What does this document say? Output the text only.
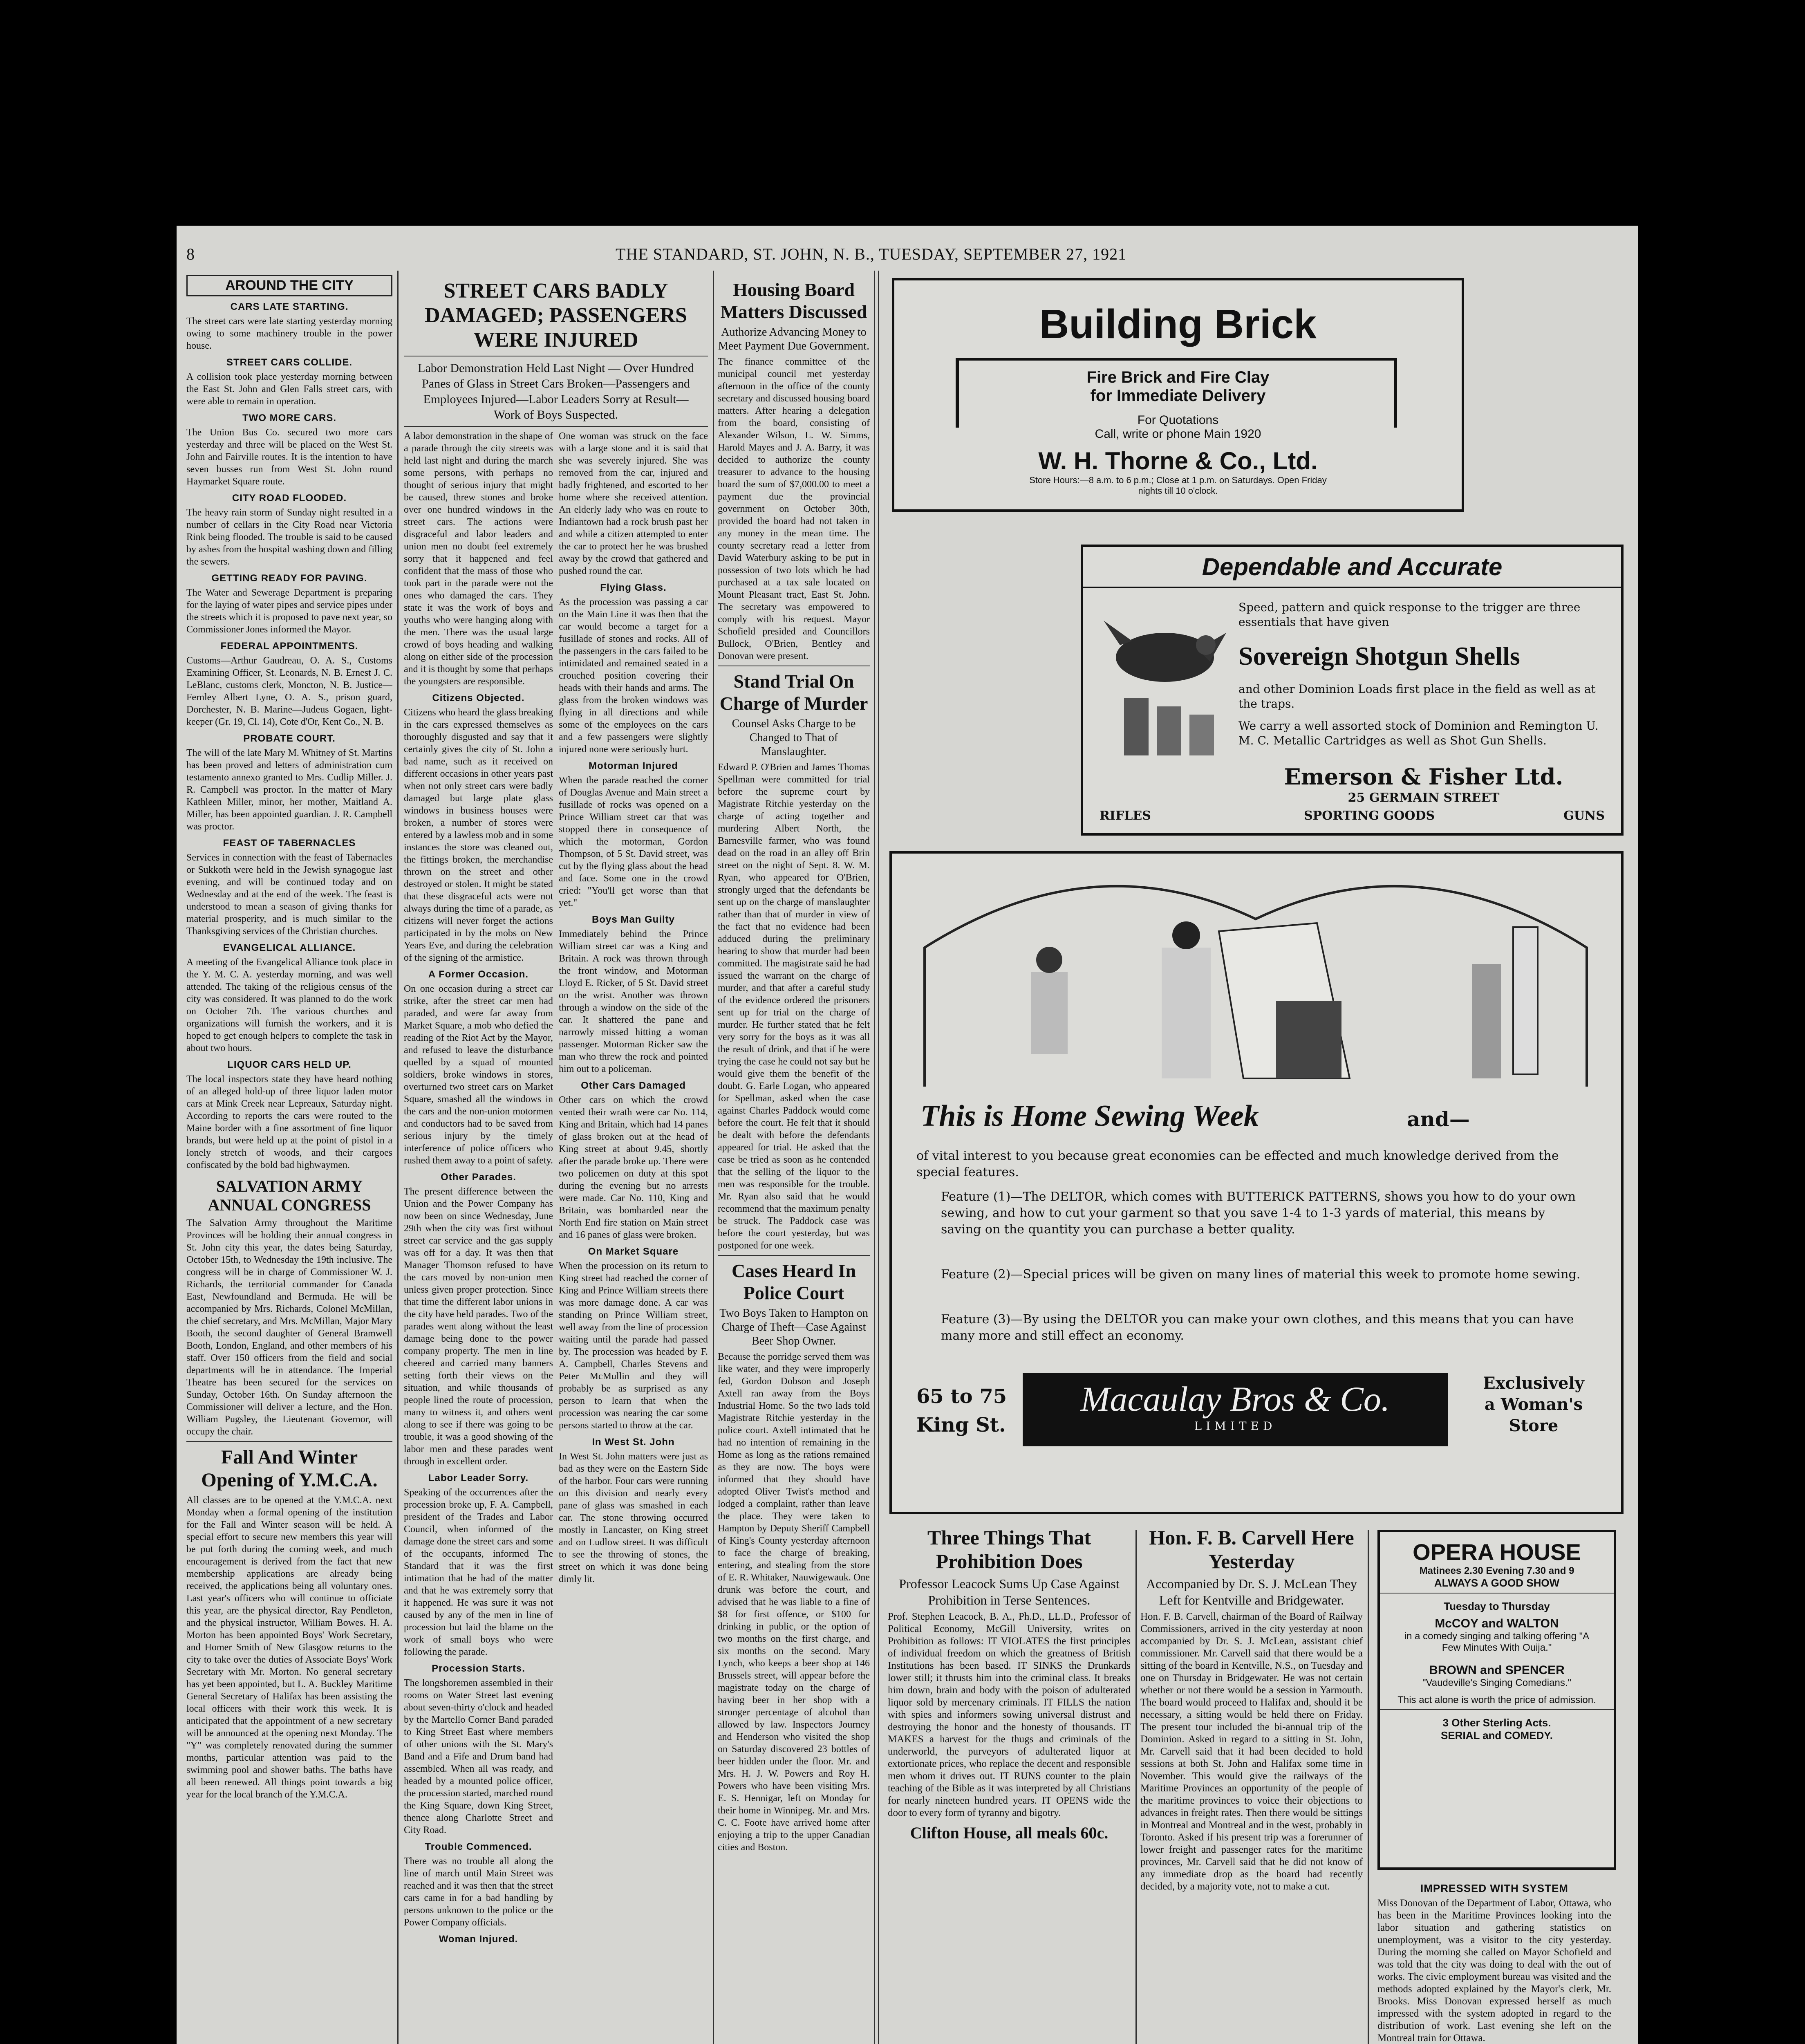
8	THE STANDARD, ST. JOHN, N. B., TUESDAY, SEPTEMBER 27, 1921
AROUND THE CITY
CARS LATE STARTING.

The street cars were late starting yesterday morning owing to some machinery trouble in the power house.

STREET CARS COLLIDE.

A collision took place yesterday morning between the East St. John and Glen Falls street cars, with were able to remain in operation.

TWO MORE CARS.

The Union Bus Co. secured two more cars yesterday and three will be placed on the West St. John and Fairville routes. It is the intention to have seven busses run from West St. John round Haymarket Square route.

CITY ROAD FLOODED.

The heavy rain storm of Sunday night resulted in a number of cellars in the City Road near Victoria Rink being flooded. The trouble is said to be caused by ashes from the hospital washing down and filling the sewers.

GETTING READY FOR PAVING.

The Water and Sewerage Department is preparing for the laying of water pipes and service pipes under the streets which it is proposed to pave next year, so Commissioner Jones informed the Mayor.

FEDERAL APPOINTMENTS.

Customs—Arthur Gaudreau, O. A. S., Customs Examining Officer, St. Leonards, N. B. Ernest J. C. LeBlanc, customs clerk, Moncton, N. B. Justice—Fernley Albert Lyne, O. A. S., prison guard, Dorchester, N. B. Marine—Judeus Gogaen, light-keeper (Gr. 19, Cl. 14), Cote d'Or, Kent Co., N. B.

PROBATE COURT.

The will of the late Mary M. Whitney of St. Martins has been proved and letters of administration cum testamento annexo granted to Mrs. Cudlip Miller. J. R. Campbell was proctor. In the matter of Mary Kathleen Miller, minor, her mother, Maitland A. Miller, has been appointed guardian. J. R. Campbell was proctor.

FEAST OF TABERNACLES

Services in connection with the feast of Tabernacles or Sukkoth were held in the Jewish synagogue last evening, and will be continued today and on Wednesday and at the end of the week. The feast is understood to mean a season of giving thanks for material prosperity, and is much similar to the Thanksgiving services of the Christian churches.

EVANGELICAL ALLIANCE.

A meeting of the Evangelical Alliance took place in the Y. M. C. A. yesterday morning, and was well attended. The taking of the religious census of the city was considered. It was planned to do the work on October 7th. The various churches and organizations will furnish the workers, and it is hoped to get enough helpers to complete the task in about two hours.

LIQUOR CARS HELD UP.

The local inspectors state they have heard nothing of an alleged hold-up of three liquor laden motor cars at Mink Creek near Lepreaux, Saturday night. According to reports the cars were routed to the Maine border with a fine assortment of fine liquor brands, but were held up at the point of pistol in a lonely stretch of woods, and their cargoes confiscated by the bold bad highwaymen.

SALVATION ARMY ANNUAL CONGRESS

The Salvation Army throughout the Maritime Provinces will be holding their annual congress in St. John city this year, the dates being Saturday, October 15th, to Wednesday the 19th inclusive. The congress will be in charge of Commissioner W. J. Richards, the territorial commander for Canada East, Newfoundland and Bermuda. He will be accompanied by Mrs. Richards, Colonel McMillan, the chief secretary, and Mrs. McMillan, Major Mary Booth, the second daughter of General Bramwell Booth, London, England, and other members of his staff. Over 150 officers from the field and social departments will be in attendance. The Imperial Theatre has been secured for the services on Sunday, October 16th. On Sunday afternoon the Commissioner will deliver a lecture, and the Hon. William Pugsley, the Lieutenant Governor, will occupy the chair.

Fall And Winter Opening of Y.M.C.A.

All classes are to be opened at the Y.M.C.A. next Monday when a formal opening of the institution for the Fall and Winter season will be held. A special effort to secure new members this year will be put forth during the coming week, and much encouragement is derived from the fact that new membership applications are already being received, the applications being all voluntary ones. Last year's officers who will continue to officiate this year, are the physical director, Ray Pendleton, and the physical instructor, William Bowes. H. A. Morton has been appointed Boys' Work Secretary, and Homer Smith of New Glasgow returns to the city to take over the duties of Associate Boys' Work Secretary with Mr. Morton. No general secretary has yet been appointed, but L. A. Buckley Maritime General Secretary of Halifax has been assisting the local officers with their work this week. It is anticipated that the appointment of a new secretary will be announced at the opening next Monday. The "Y" was completely renovated during the summer months, particular attention was paid to the swimming pool and shower baths. The baths have all been renewed. All things point towards a big year for the local branch of the Y.M.C.A.

STREET CARS BADLY DAMAGED; PASSENGERS WERE INJURED
Labor Demonstration Held Last Night — Over Hundred Panes of Glass in Street Cars Broken—Passengers and Employees Injured—Labor Leaders Sorry at Result—Work of Boys Suspected.

A labor demonstration in the shape of a parade through the city streets was held last night and during the march some persons, with perhaps no thought of serious injury that might be caused, threw stones and broke over one hundred windows in the street cars. The actions were disgraceful and labor leaders and union men no doubt feel extremely sorry that it happened and feel confident that the mass of those who took part in the parade were not the ones who damaged the cars. They state it was the work of boys and youths who were hanging along with the men. There was the usual large crowd of boys heading and walking along on either side of the procession and it is thought by some that perhaps the youngsters are responsible.

Citizens Objected.

Citizens who heard the glass breaking in the cars expressed themselves as thoroughly disgusted and say that it certainly gives the city of St. John a bad name, such as it received on different occasions in other years past when not only street cars were badly damaged but large plate glass windows in business houses were broken, a number of stores were entered by a lawless mob and in some instances the store was cleaned out, the fittings broken, the merchandise thrown on the street and other destroyed or stolen. It might be stated that these disgraceful acts were not always during the time of a parade, as citizens will never forget the actions participated in by the mobs on New Years Eve, and during the celebration of the signing of the armistice.

A Former Occasion.

On one occasion during a street car strike, after the street car men had paraded, and were far away from Market Square, a mob who defied the reading of the Riot Act by the Mayor, and refused to leave the disturbance quelled by a squad of mounted soldiers, broke windows in stores, overturned two street cars on Market Square, smashed all the windows in the cars and the non-union motormen and conductors had to be saved from serious injury by the timely interference of police officers who rushed them away to a point of safety.

Other Parades.

The present difference between the Union and the Power Company has now been on since Wednesday, June 29th when the city was first without street car service and the gas supply was off for a day. It was then that Manager Thomson refused to have the cars moved by non-union men unless given proper protection. Since that time the different labor unions in the city have held parades. Two of the parades went along without the least damage being done to the power company property. The men in line cheered and carried many banners setting forth their views on the situation, and while thousands of people lined the route of procession, many to witness it, and others went along to see if there was going to be trouble, it was a good showing of the labor men and these parades went through in excellent order.

Labor Leader Sorry.

Speaking of the occurrences after the procession broke up, F. A. Campbell, president of the Trades and Labor Council, when informed of the damage done the street cars and some of the occupants, informed The Standard that it was the first intimation that he had of the matter and that he was extremely sorry that it happened. He was sure it was not caused by any of the men in line of procession but laid the blame on the work of small boys who were following the parade.

Procession Starts.

The longshoremen assembled in their rooms on Water Street last evening about seven-thirty o'clock and headed by the Martello Corner Band paraded to King Street East where members of other unions with the St. Mary's Band and a Fife and Drum band had assembled. When all was ready, and headed by a mounted police officer, the procession started, marched round the King Square, down King Street, thence along Charlotte Street and City Road.

Trouble Commenced.

There was no trouble all along the line of march until Main Street was reached and it was then that the street cars came in for a bad handling by persons unknown to the police or the Power Company officials.

Woman Injured.

One woman was struck on the face with a large stone and it is said that she was severely injured. She was removed from the car, injured and badly frightened, and escorted to her home where she received attention. An elderly lady who was en route to Indiantown had a rock brush past her and while a citizen attempted to enter the car to protect her he was brushed away by the crowd that gathered and pushed round the car.

Flying Glass.

As the procession was passing a car on the Main Line it was then that the car would become a target for a fusillade of stones and rocks. All of the passengers in the cars failed to be intimidated and remained seated in a crouched position covering their heads with their hands and arms. The glass from the broken windows was flying in all directions and while some of the employees on the cars and a few passengers were slightly injured none were seriously hurt.

Motorman Injured

When the parade reached the corner of Douglas Avenue and Main street a fusillade of rocks was opened on a Prince William street car that was stopped there in consequence of which the motorman, Gordon Thompson, of 5 St. David street, was cut by the flying glass about the head and face. Some one in the crowd cried: "You'll get worse than that yet."

Boys Man Guilty

Immediately behind the Prince William street car was a King and Britain. A rock was thrown through the front window, and Motorman Lloyd E. Ricker, of 5 St. David street on the wrist. Another was thrown through a window on the side of the car. It shattered the pane and narrowly missed hitting a woman passenger. Motorman Ricker saw the man who threw the rock and pointed him out to a policeman.

Other Cars Damaged

Other cars on which the crowd vented their wrath were car No. 114, King and Britain, which had 14 panes of glass broken out at the head of King street at about 9.45, shortly after the parade broke up. There were two policemen on duty at this spot during the evening but no arrests were made. Car No. 110, King and Britain, was bombarded near the North End fire station on Main street and 16 panes of glass were broken.

On Market Square

When the procession on its return to King street had reached the corner of King and Prince William streets there was more damage done. A car was standing on Prince William street, well away from the line of procession waiting until the parade had passed by. The procession was headed by F. A. Campbell, Charles Stevens and Peter McMullin and they will probably be as surprised as any person to learn that when the procession was nearing the car some persons started to throw at the car.

In West St. John

In West St. John matters were just as bad as they were on the Eastern Side of the harbor. Four cars were running on this division and nearly every pane of glass was smashed in each car. The stone throwing occurred mostly in Lancaster, on King street and on Ludlow street. It was difficult to see the throwing of stones, the street on which it was done being dimly lit.

Housing Board Matters Discussed
Authorize Advancing Money to Meet Payment Due Government.

The finance committee of the municipal council met yesterday afternoon in the office of the county secretary and discussed housing board matters. After hearing a delegation from the board, consisting of Alexander Wilson, L. W. Simms, Harold Mayes and J. A. Barry, it was decided to authorize the county treasurer to advance to the housing board the sum of $7,000.00 to meet a payment due the provincial government on October 30th, provided the board had not taken in any money in the mean time. The county secretary read a letter from David Waterbury asking to be put in possession of two lots which he had purchased at a tax sale located on Mount Pleasant tract, East St. John. The secretary was empowered to comply with his request. Mayor Schofield presided and Councillors Bullock, O'Brien, Bentley and Donovan were present.

Stand Trial On Charge of Murder
Counsel Asks Charge to be Changed to That of Manslaughter.

Edward P. O'Brien and James Thomas Spellman were committed for trial before the supreme court by Magistrate Ritchie yesterday on the charge of acting together and murdering Albert North, the Barnesville farmer, who was found dead on the road in an alley off Brin street on the night of Sept. 8. W. M. Ryan, who appeared for O'Brien, strongly urged that the defendants be sent up on the charge of manslaughter rather than that of murder in view of the fact that no evidence had been adduced during the preliminary hearing to show that murder had been committed. The magistrate said he had issued the warrant on the charge of murder, and that after a careful study of the evidence ordered the prisoners sent up for trial on the charge of murder. He further stated that he felt very sorry for the boys as it was all the result of drink, and that if he were trying the case he could not say but he would give them the benefit of the doubt. G. Earle Logan, who appeared for Spellman, asked when the case against Charles Paddock would come before the court. He felt that it should be dealt with before the defendants appeared for trial. He asked that the case be tried as soon as he contended that the selling of the liquor to the men was responsible for the trouble. Mr. Ryan also said that he would recommend that the maximum penalty be struck. The Paddock case was before the court yesterday, but was postponed for one week.

Cases Heard In Police Court
Two Boys Taken to Hampton on Charge of Theft—Case Against Beer Shop Owner.

Because the porridge served them was like water, and they were improperly fed, Gordon Dobson and Joseph Axtell ran away from the Boys Industrial Home. So the two lads told Magistrate Ritchie yesterday in the police court. Axtell intimated that he had no intention of remaining in the Home as long as the rations remained as they are now. The boys were informed that they should have adopted Oliver Twist's method and lodged a complaint, rather than leave the place. They were taken to Hampton by Deputy Sheriff Campbell of King's County yesterday afternoon to face the charge of breaking, entering, and stealing from the store of E. R. Whitaker, Nauwigewauk. One drunk was before the court, and advised that he was liable to a fine of $8 for first offence, or $100 for drinking in public, or the option of two months on the first charge, and six months on the second. Mary Lynch, who keeps a beer shop at 146 Brussels street, will appear before the magistrate today on the charge of having beer in her shop with a stronger percentage of alcohol than allowed by law. Inspectors Journey and Henderson who visited the shop on Saturday discovered 23 bottles of beer hidden under the floor. Mr. and Mrs. H. J. W. Powers and Roy H. Powers who have been visiting Mrs. E. S. Hennigar, left on Monday for their home in Winnipeg. Mr. and Mrs. C. C. Foote have arrived home after enjoying a trip to the upper Canadian cities and Boston.

Building Brick
Fire Brick and Fire Clay
for Immediate Delivery
For Quotations
Call, write or phone Main 1920
W. H. Thorne & Co., Ltd.
Store Hours:—8 a.m. to 6 p.m.; Close at 1 p.m. on Saturdays. Open Friday nights till 10 o'clock.
Dependable and Accurate
Speed, pattern and quick response to the trigger are three essentials that have given
Sovereign Shotgun Shells
and other Dominion Loads first place in the field as well as at the traps.
We carry a well assorted stock of Dominion and Remington U. M. C. Metallic Cartridges as well as Shot Gun Shells.
Emerson & Fisher Ltd.
25 GERMAIN STREET
RIFLES	SPORTING GOODS	GUNS
This is Home Sewing Week	and—
of vital interest to you because great economies can be effected and much knowledge derived from the special features.
Feature (1)—The DELTOR, which comes with BUTTERICK PATTERNS, shows you how to do your own sewing, and how to cut your garment so that you save 1-4 to 1-3 yards of material, this means by saving on the quantity you can purchase a better quality.
Feature (2)—Special prices will be given on many lines of material this week to promote home sewing.
Feature (3)—By using the DELTOR you can make your own clothes, and this means that you can have many more and still effect an economy.
65 to 75
King St.
Macaulay Bros & Co.
LIMITED
Exclusively
a Woman's
Store
Three Things That Prohibition Does
Professor Leacock Sums Up Case Against Prohibition in Terse Sentences.

Prof. Stephen Leacock, B. A., Ph.D., LL.D., Professor of Political Economy, McGill University, writes on Prohibition as follows: IT VIOLATES the first principles of individual freedom on which the greatness of British Institutions has been based. IT SINKS the Drunkards lower still; it thrusts him into the criminal class. It breaks him down, brain and body with the poison of adulterated liquor sold by mercenary criminals. IT FILLS the nation with spies and informers sowing universal distrust and destroying the honor and the honesty of thousands. IT MAKES a harvest for the thugs and criminals of the underworld, the purveyors of adulterated liquor at extortionate prices, who replace the decent and responsible men whom it drives out. IT RUNS counter to the plain teaching of the Bible as it was interpreted by all Christians for nearly nineteen hundred years. IT OPENS wide the door to every form of tyranny and bigotry.

Clifton House, all meals 60c.
Hon. F. B. Carvell Here Yesterday
Accompanied by Dr. S. J. McLean They Left for Kentville and Bridgewater.

Hon. F. B. Carvell, chairman of the Board of Railway Commissioners, arrived in the city yesterday at noon accompanied by Dr. S. J. McLean, assistant chief commissioner. Mr. Carvell said that there would be a sitting of the board in Kentville, N.S., on Tuesday and one on Thursday in Bridgewater. He was not certain whether or not there would be a session in Yarmouth. The board would proceed to Halifax and, should it be necessary, a sitting would be held there on Friday. The present tour included the bi-annual trip of the Dominion. Asked in regard to a sitting in St. John, Mr. Carvell said that it had been decided to hold sessions at both St. John and Halifax some time in November. This would give the railways of the Maritime Provinces an opportunity of the people of the maritime provinces to voice their objections to advances in freight rates. Then there would be sittings in Montreal and Montreal and in the west, probably in Toronto. Asked if his present trip was a forerunner of lower freight and passenger rates for the maritime provinces, Mr. Carvell said that he did not know of any immediate drop as the board had recently decided, by a majority vote, not to make a cut.

OPERA HOUSE
Matinees 2.30 Evening 7.30 and 9
ALWAYS A GOOD SHOW
Tuesday to Thursday
McCOY and WALTON
in a comedy singing and talking offering "A Few Minutes With Ouija."
BROWN and SPENCER
"Vaudeville's Singing Comedians."
This act alone is worth the price of admission.
3 Other Sterling Acts.
SERIAL and COMEDY.
IMPRESSED WITH SYSTEM

Miss Donovan of the Department of Labor, Ottawa, who has been in the Maritime Provinces looking into the labor situation and gathering statistics on unemployment, was a visitor to the city yesterday. During the morning she called on Mayor Schofield and was told that the city was doing to deal with the out of works. The civic employment bureau was visited and the methods adopted explained by the Mayor's clerk, Mr. Brooks. Miss Donovan expressed herself as much impressed with the system adopted in regard to the distribution of work. Last evening she left on the Montreal train for Ottawa.
